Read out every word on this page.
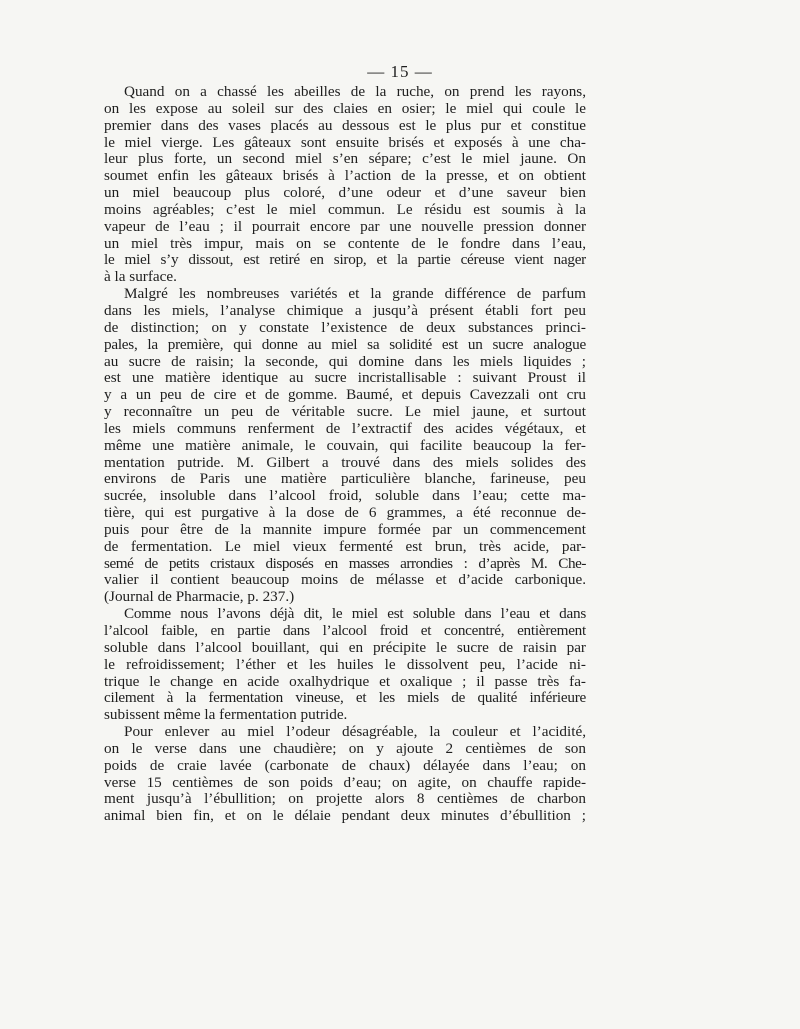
— 15 —
Quand on a chassé les abeilles de la ruche, on prend les rayons,
on les expose au soleil sur des claies en osier; le miel qui coule le
premier dans des vases placés au dessous est le plus pur et constitue
le miel vierge. Les gâteaux sont ensuite brisés et exposés à une cha-
leur plus forte, un second miel s’en sépare; c’est le miel jaune. On
soumet enfin les gâteaux brisés à l’action de la presse, et on obtient
un miel beaucoup plus coloré, d’une odeur et d’une saveur bien
moins agréables; c’est le miel commun. Le résidu est soumis à la
vapeur de l’eau ; il pourrait encore par une nouvelle pression donner
un miel très impur, mais on se contente de le fondre dans l’eau,
le miel s’y dissout, est retiré en sirop, et la partie céreuse vient nager
à la surface.
Malgré les nombreuses variétés et la grande différence de parfum
dans les miels, l’analyse chimique a jusqu’à présent établi fort peu
de distinction; on y constate l’existence de deux substances princi-
pales, la première, qui donne au miel sa solidité est un sucre analogue
au sucre de raisin; la seconde, qui domine dans les miels liquides ;
est une matière identique au sucre incristallisable : suivant Proust il
y a un peu de cire et de gomme. Baumé, et depuis Cavezzali ont cru
y reconnaître un peu de véritable sucre. Le miel jaune, et surtout
les miels communs renferment de l’extractif des acides végétaux, et
même une matière animale, le couvain, qui facilite beaucoup la fer-
mentation putride. M. Gilbert a trouvé dans des miels solides des
environs de Paris une matière particulière blanche, farineuse, peu
sucrée, insoluble dans l’alcool froid, soluble dans l’eau; cette ma-
tière, qui est purgative à la dose de 6 grammes, a été reconnue de-
puis pour être de la mannite impure formée par un commencement
de fermentation. Le miel vieux fermenté est brun, très acide, par-
semé de petits cristaux disposés en masses arrondies : d’après M. Che-
valier il contient beaucoup moins de mélasse et d’acide carbonique.
(Journal de Pharmacie, p. 237.)
Comme nous l’avons déjà dit, le miel est soluble dans l’eau et dans
l’alcool faible, en partie dans l’alcool froid et concentré, entièrement
soluble dans l’alcool bouillant, qui en précipite le sucre de raisin par
le refroidissement; l’éther et les huiles le dissolvent peu, l’acide ni-
trique le change en acide oxalhydrique et oxalique ; il passe très fa-
cilement à la fermentation vineuse, et les miels de qualité inférieure
subissent même la fermentation putride.
Pour enlever au miel l’odeur désagréable, la couleur et l’acidité,
on le verse dans une chaudière; on y ajoute 2 centièmes de son
poids de craie lavée (carbonate de chaux) délayée dans l’eau; on
verse 15 centièmes de son poids d’eau; on agite, on chauffe rapide-
ment jusqu’à l’ébullition; on projette alors 8 centièmes de charbon
animal bien fin, et on le délaie pendant deux minutes d’ébullition ;
